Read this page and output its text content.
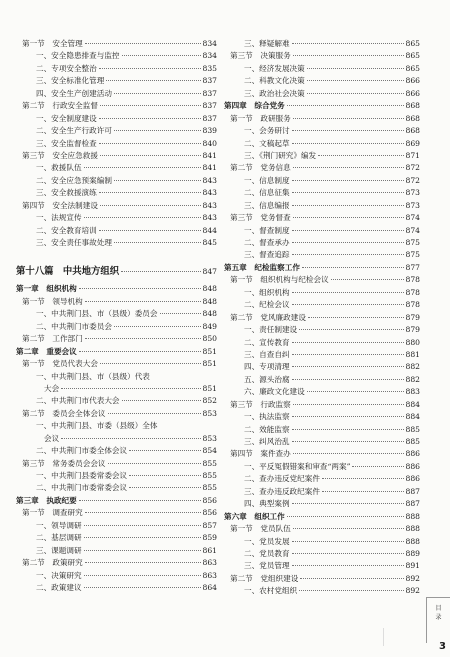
第一节　安全管理	834
一、安全隐患排查与监控	834
二、专项安全整治	835
三、安全标准化管理	837
四、安全生产创建活动	837
第二节　行政安全监督	837
一、安全制度建设	837
二、安全生产行政许可	839
三、安全监督检查	840
第三节　安全应急救援	841
一、救援队伍	841
二、安全应急预案编制	843
三、安全救援演练	843
第四节　安全法制建设	843
一、法规宣传	843
二、安全教育培训	844
三、安全责任事故处理	845
第十八篇　中共地方组织	847
第一章　组织机构	848
第一节　领导机构	848
一、中共荆门县、市（县级）委员会	848
二、中共荆门市委员会	849
第二节　工作部门	850
第二章　重要会议	851
第一节　党员代表大会	851
一、中共荆门县、市（县级）代表
大会	851
二、中共荆门市代表大会	852
第二节　委员会全体会议	853
一、中共荆门县、市委（县级）全体
会议	853
二、中共荆门市委全体会议	854
第三节　常务委员会会议	855
一、中共荆门县委常委会议	855
二、中共荆门市委常委会议	855
第三章　执政纪要	856
第一节　调查研究	856
一、领导调研	857
二、基层调研	859
三、课题调研	861
第二节　政策研究	863
一、决策研究	863
二、政策建议	864
三、释疑解难	865
第三节　决策服务	865
一、经济发展决策	865
二、科教文化决策	866
三、政治社会决策	866
第四章　综合党务	868
第一节　政研服务	868
一、会务研讨	868
二、文稿起草	869
三、《荆门研究》编发	871
第二节　党务信息	872
一、信息制度	872
二、信息征集	873
三、信息编报	873
第三节　党务督查	874
一、督查制度	874
二、督查承办	875
三、督查追踪	875
第五章　纪检监察工作	877
第一节　组织机构与纪检会议	878
一、组织机构	878
二、纪检会议	878
第二节　党风廉政建设	879
一、责任制建设	879
二、宣传教育	880
三、自查自纠	881
四、专项清理	882
五、源头治腐	882
六、廉政文化建设	883
第三节　行政监察	884
一、执法监察	884
二、效能监察	885
三、纠风治乱	885
第四节　案件查办	886
一、平反冤假错案和审查“两案”	886
二、查办违反党纪案件	886
三、查办违反政纪案件	887
四、典型案例	887
第六章　组织工作	888
第一节　党员队伍	888
一、党员发展	888
二、党员教育	889
三、党员管理	891
第二节　党组织建设	892
一、农村党组织	892
目
录
3
